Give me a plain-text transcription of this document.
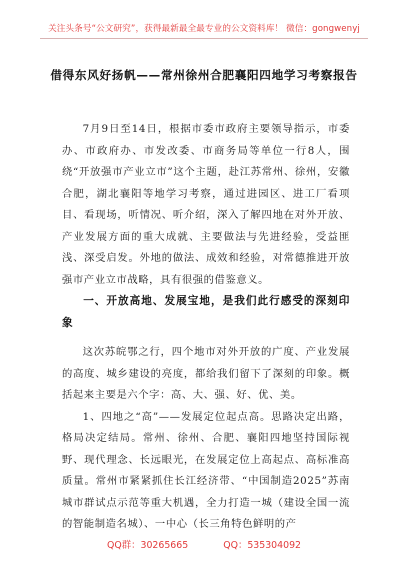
关注头条号“公文研究”，获得最新最全最专业的公文资料库！ 微信：gongwenyj
借得东风好扬帆——常州徐州合肥襄阳四地学习考察报告

7月9日至14日，根据市委市政府主要领导指示，市委办、市政府办、市发改委、市商务局等单位一行8人，围绕“开放强市产业立市”这个主题，赴江苏常州、徐州，安徽合肥，湖北襄阳等地学习考察，通过进园区、进工厂看项目、看现场，听情况、听介绍，深入了解四地在对外开放、产业发展方面的重大成就、主要做法与先进经验，受益匪浅、深受启发。外地的做法、成效和经验，对常德推进开放强市产业立市战略，具有很强的借鉴意义。

一、开放高地、发展宝地，是我们此行感受的深刻印象

这次苏皖鄂之行，四个地市对外开放的广度、产业发展的高度、城乡建设的亮度，都给我们留下了深刻的印象。概括起来主要是六个字：高、大、强、好、优、美。

1、四地之“高”——发展定位起点高。思路决定出路，格局决定结局。常州、徐州、合肥、襄阳四地坚持国际视野、现代理念、长远眼光，在发展定位上高起点、高标准高质量。常州市紧紧抓住长江经济带、“中国制造2025”苏南城市群试点示范等重大机遇，全力打造一城（建设全国一流的智能制造名城）、一中心（长三角特色鲜明的产

QQ群：30265665	QQ：535304092
